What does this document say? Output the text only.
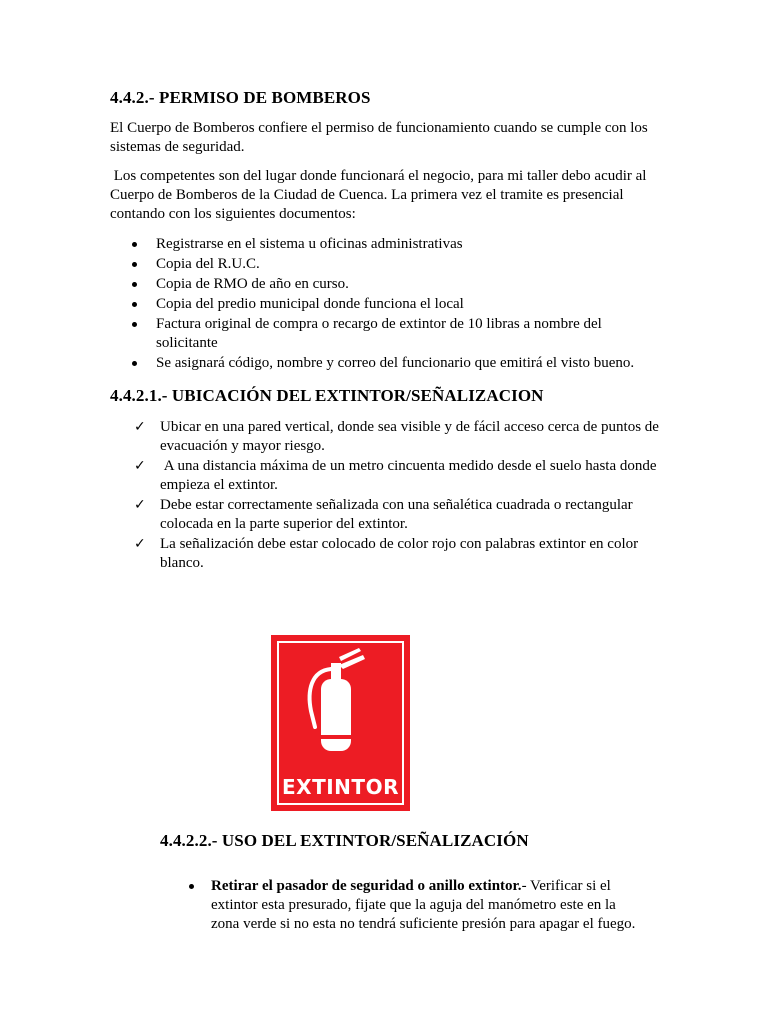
4.4.2.- PERMISO DE BOMBEROS

El Cuerpo de Bomberos confiere el permiso de funcionamiento cuando se cumple con los sistemas de seguridad.

Los competentes son del lugar donde funcionará el negocio, para mi taller debo acudir al Cuerpo de Bomberos de la Ciudad de Cuenca. La primera vez el tramite es presencial contando con los siguientes documentos:

Registrarse en el sistema u oficinas administrativas
Copia del R.U.C.
Copia de RMO de año en curso.
Copia del predio municipal donde funciona el local
Factura original de compra o recargo de extintor de 10 libras a nombre del solicitante
Se asignará código, nombre y correo del funcionario que emitirá el visto bueno.
4.4.2.1.- UBICACIÓN DEL EXTINTOR/SEÑALIZACION
✓ Ubicar en una pared vertical, donde sea visible y de fácil acceso cerca de puntos de evacuación y mayor riesgo.
✓ A una distancia máxima de un metro cincuenta medido desde el suelo hasta donde empieza el extintor.
✓ Debe estar correctamente señalizada con una señalética cuadrada o rectangular colocada en la parte superior del extintor.
✓ La señalización debe estar colocado de color rojo con palabras extintor en color blanco.
EXTINTOR
4.4.2.2.- USO DEL EXTINTOR/SEÑALIZACIÓN
Retirar el pasador de seguridad o anillo extintor.- Verificar si el extintor esta presurado, fijate que la aguja del manómetro este en la zona verde si no esta no tendrá suficiente presión para apagar el fuego.
